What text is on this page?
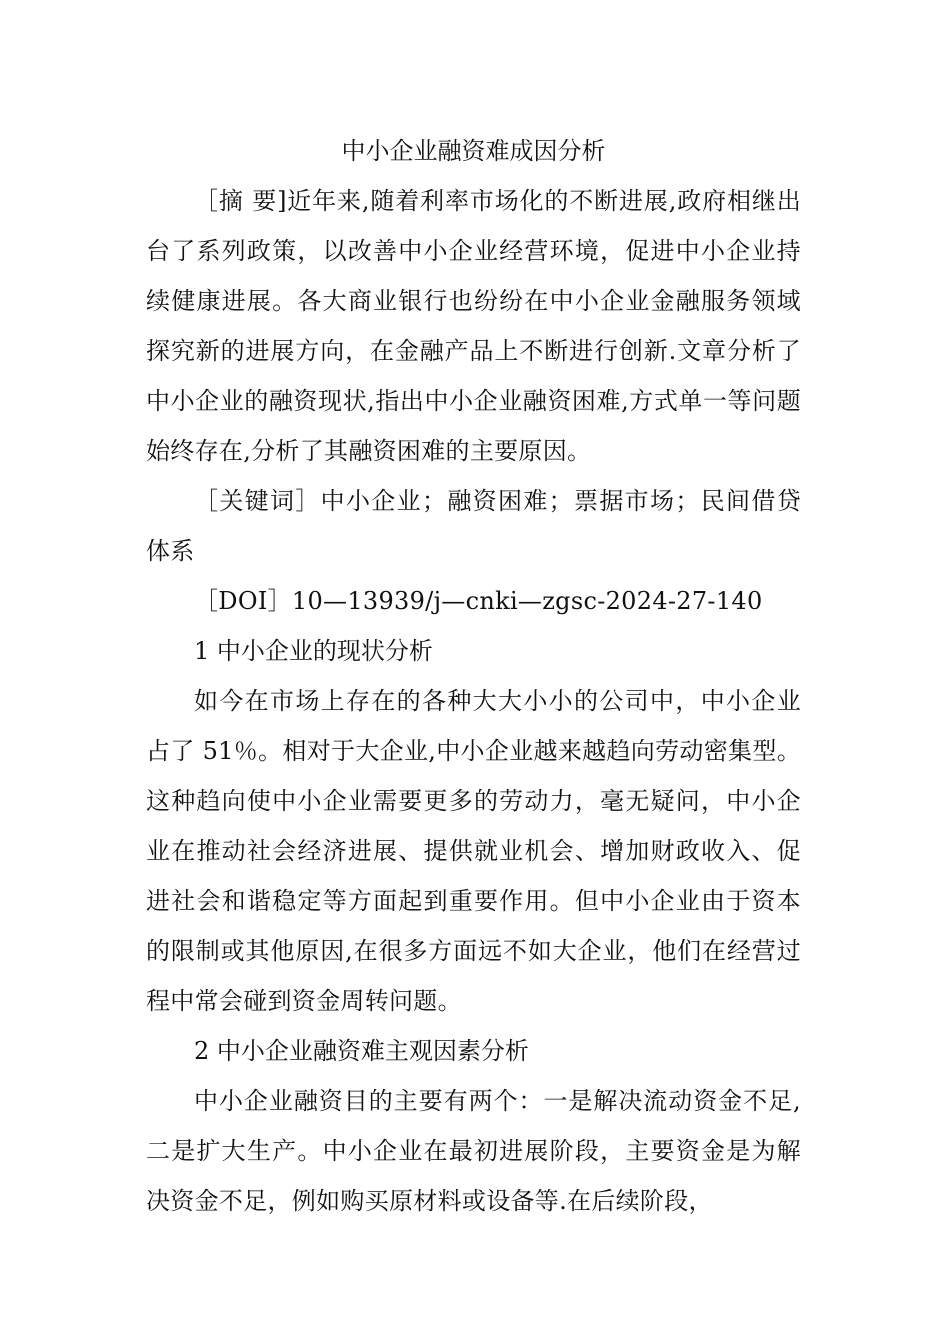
中小企业融资难成因分析

［摘 要]近年来,随着利率市场化的不断进展,政府相继出台了系列政策，以改善中小企业经营环境，促进中小企业持续健康进展。各大商业银行也纷纷在中小企业金融服务领域探究新的进展方向，在金融产品上不断进行创新.文章分析了中小企业的融资现状,指出中小企业融资困难,方式单一等问题始终存在,分析了其融资困难的主要原因。

［关键词］中小企业；融资困难；票据市场；民间借贷体系

［DOI］10—13939/j—cnki—zgsc-2024-27-140

1 中小企业的现状分析

如今在市场上存在的各种大大小小的公司中，中小企业占了 51％。相对于大企业,中小企业越来越趋向劳动密集型。这种趋向使中小企业需要更多的劳动力，毫无疑问，中小企业在推动社会经济进展、提供就业机会、增加财政收入、促进社会和谐稳定等方面起到重要作用。但中小企业由于资本的限制或其他原因,在很多方面远不如大企业，他们在经营过程中常会碰到资金周转问题。

2 中小企业融资难主观因素分析

中小企业融资目的主要有两个：一是解决流动资金不足,二是扩大生产。中小企业在最初进展阶段，主要资金是为解决资金不足，例如购买原材料或设备等.在后续阶段，
